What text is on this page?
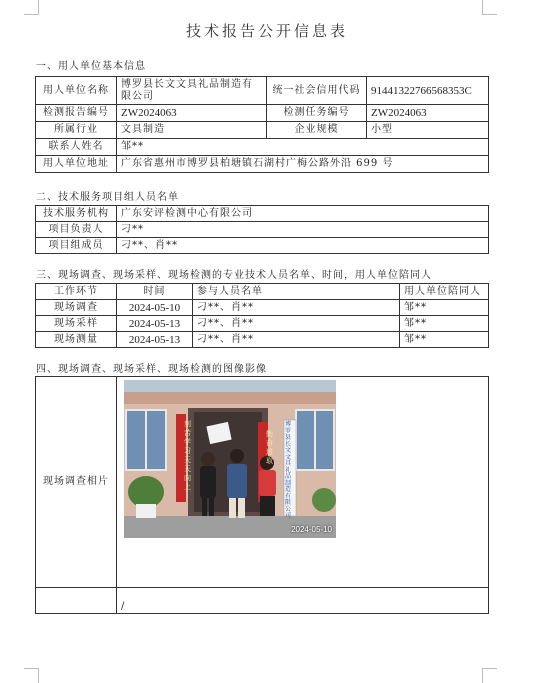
技术报告公开信息表
一、用人单位基本信息
用人单位名称	博罗县长文文具礼品制造有限公司	统一社会信用代码	91441322766568353C
检测报告编号	ZW2024063	检测任务编号	ZW2024063
所属行业	文具制造	企业规模	小型
联系人姓名	邹**		
用人单位地址	广东省惠州市博罗县柏塘镇石湖村广梅公路外沿 699 号		
二、技术服务项目组人员名单
技术服务机构	广东安评检测中心有限公司
项目负责人	刁**
项目组成员	刁**、肖**
三、现场调查、现场采样、现场检测的专业技术人员名单、时间，用人单位陪同人
工作环节	时间	参与人员名单	用人单位陪同人
现场调查	2024-05-10	刁**、肖**	邹**
现场采样	2024-05-13	刁**、肖**	邹**
现场测量	2024-05-13	刁**、肖**	邹**
四、现场调查、现场采样、现场检测的图像影像
现场调查相片	
	/
刻苦学习天天向上
勤奋进取
博罗县长文文具礼品制造有限公司
2024-05-10
